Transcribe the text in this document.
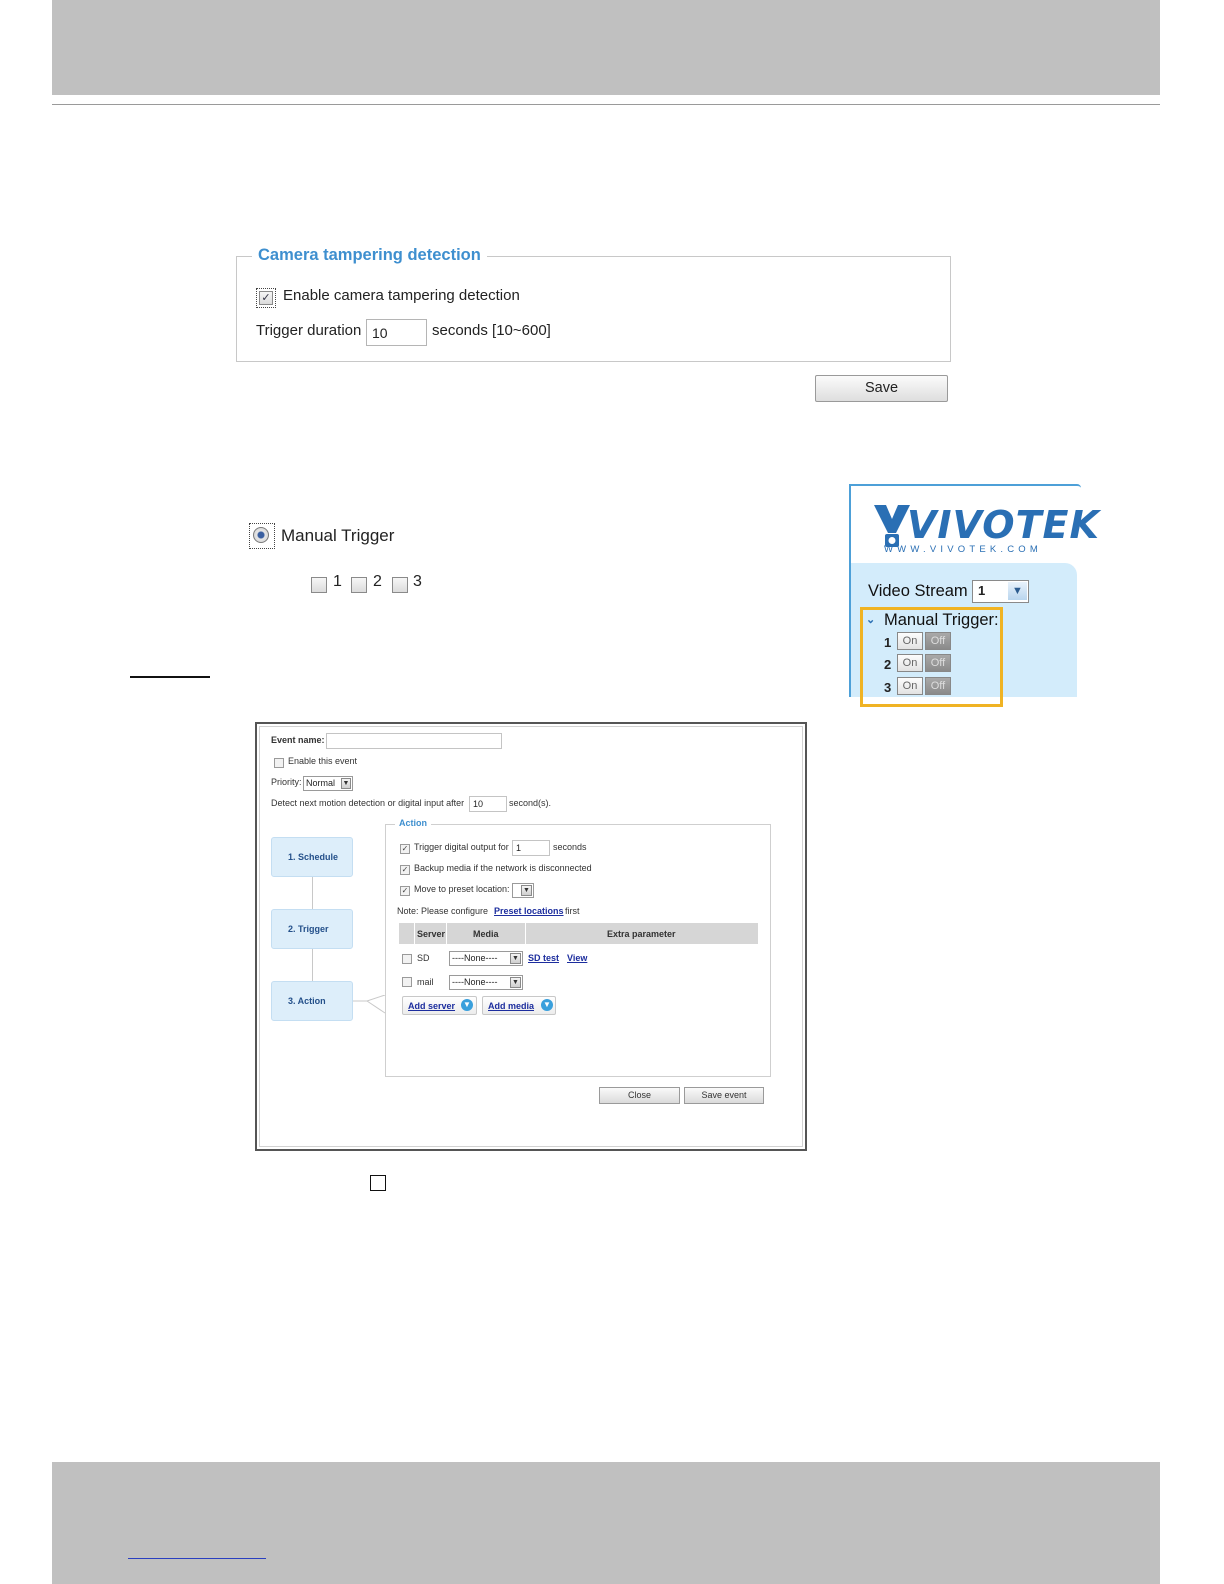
Camera tampering detection
✓ Enable camera tampering detection
Trigger duration 10	seconds [10~600]
Save
Manual Trigger
1 2 3
VIVOTEK
WWW.VIVOTEK.COM
Video Stream 1	▼
⌄ Manual Trigger:
1	On	Off
2	On	Off
3	On	Off
Event name:
Enable this event
Priority: Normal	▼
Detect next motion detection or digital input after 10	second(s).
1. Schedule
2. Trigger
3. Action
Action
✓ Trigger digital output for 1	seconds
✓ Backup media if the network is disconnected
✓ Move to preset location: ▼
Note: Please configure Preset locations first
Server	Media	Extra parameter
SD	----None----	▼ SD test View
mail	----None----	▼
Add server ▼ Add media ▼
Close	Save event
